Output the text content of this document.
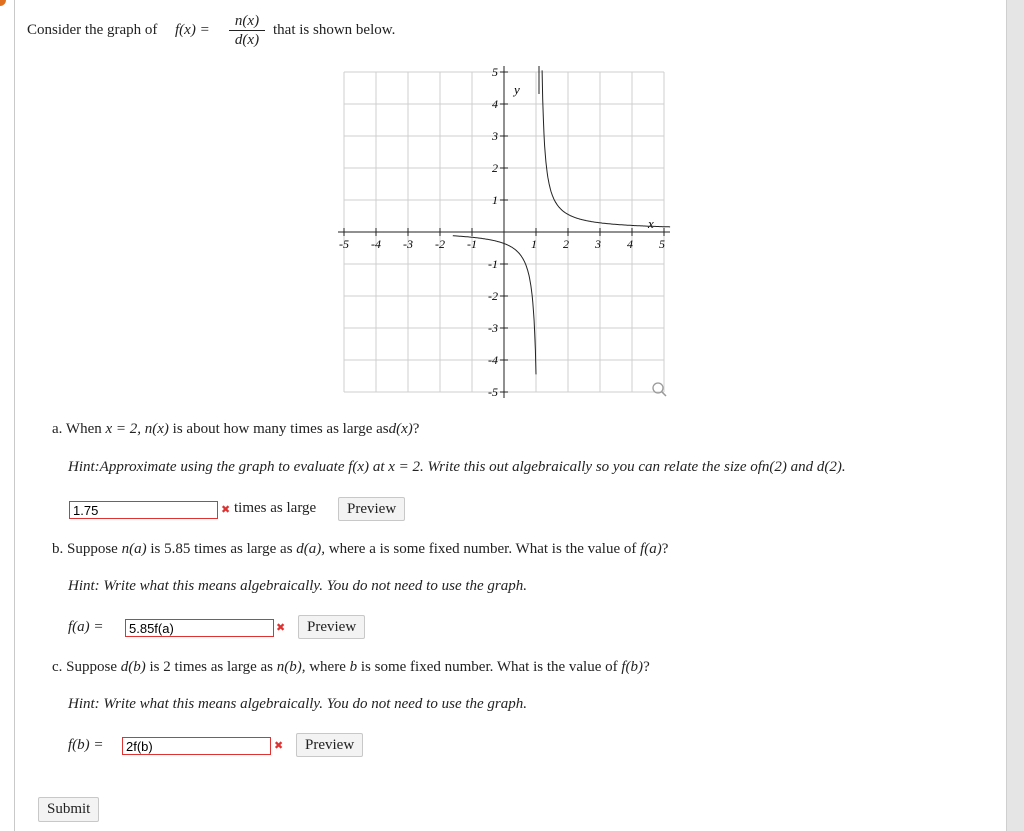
Consider the graph of f(x) =
n(x)
d(x)
that is shown below.
-5 -4 -3 -2 -1	1 2 3 4 5
5
4
3
2
1
-1
-2
-3
-4
-5
y
x
a. When x = 2, n(x) is about how many times as large asd(x)?
Hint:Approximate using the graph to evaluate f(x) at x = 2. Write this out algebraically so you can relate the size ofn(2) and d(2).
1.75	✖ times as large	Preview
b. Suppose n(a) is 5.85 times as large as d(a), where a is some fixed number. What is the value of f(a)?
Hint: Write what this means algebraically. You do not need to use the graph.
f(a) =	5.85f(a)	✖	Preview
c. Suppose d(b) is 2 times as large as n(b), where b is some fixed number. What is the value of f(b)?
Hint: Write what this means algebraically. You do not need to use the graph.
f(b) =	2f(b)	✖	Preview
Submit
